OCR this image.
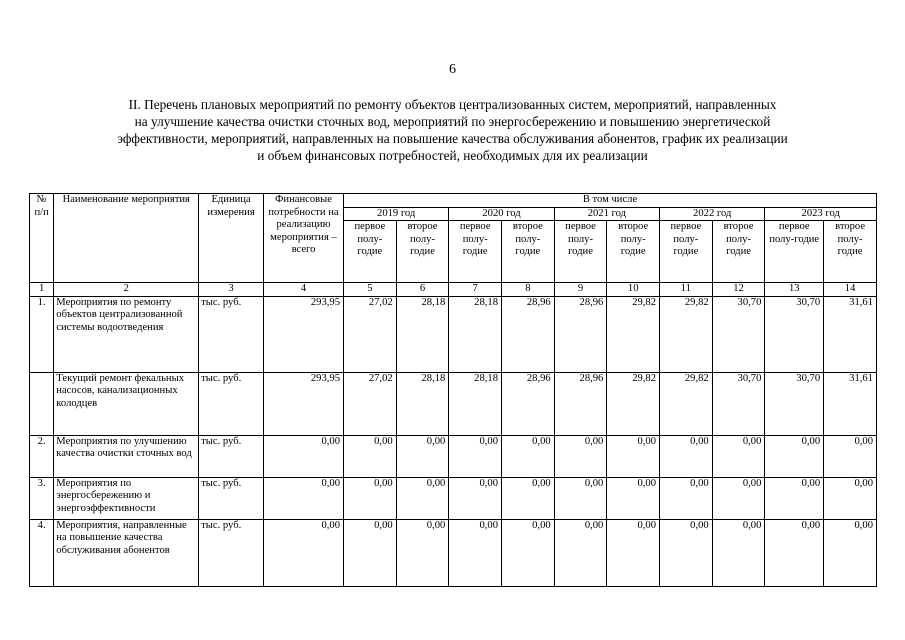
6
II. Перечень плановых мероприятий по ремонту объектов централизованных систем, мероприятий, направленных
на улучшение качества очистки сточных вод, мероприятий по энергосбережению и повышению энергетической
эффективности, мероприятий, направленных на повышение качества обслуживания абонентов, график их реализации
и объем финансовых потребностей, необходимых для их реализации
№ п/п	Наименование мероприятия	Единица измерения	Финансовые потребности на реализацию мероприятия – всего	В том числе									
				2019 год		2020 год		2021 год		2022 год		2023 год	
				первое полу-годие	второе полу-годие	первое полу-годие	второе полу-годие	первое полу-годие	второе полу-годие	первое полу-годие	второе полу-годие	первое полу-годие	второе полу-годие
1	2	3	4	5	6	7	8	9	10	11	12	13	14
1.	Мероприятия по ремонту объектов централизованной системы водоотведения	тыс. руб.	293,95	27,02	28,18	28,18	28,96	28,96	29,82	29,82	30,70	30,70	31,61
	Текущий ремонт фекальных насосов, канализационных колодцев	тыс. руб.	293,95	27,02	28,18	28,18	28,96	28,96	29,82	29,82	30,70	30,70	31,61
2.	Мероприятия по улучшению качества очистки сточных вод	тыс. руб.	0,00	0,00	0,00	0,00	0,00	0,00	0,00	0,00	0,00	0,00	0,00
3.	Мероприятия по энергосбережению и энергоэффективности	тыс. руб.	0,00	0,00	0,00	0,00	0,00	0,00	0,00	0,00	0,00	0,00	0,00
4.	Мероприятия, направленные на повышение качества обслуживания абонентов	тыс. руб.	0,00	0,00	0,00	0,00	0,00	0,00	0,00	0,00	0,00	0,00	0,00
